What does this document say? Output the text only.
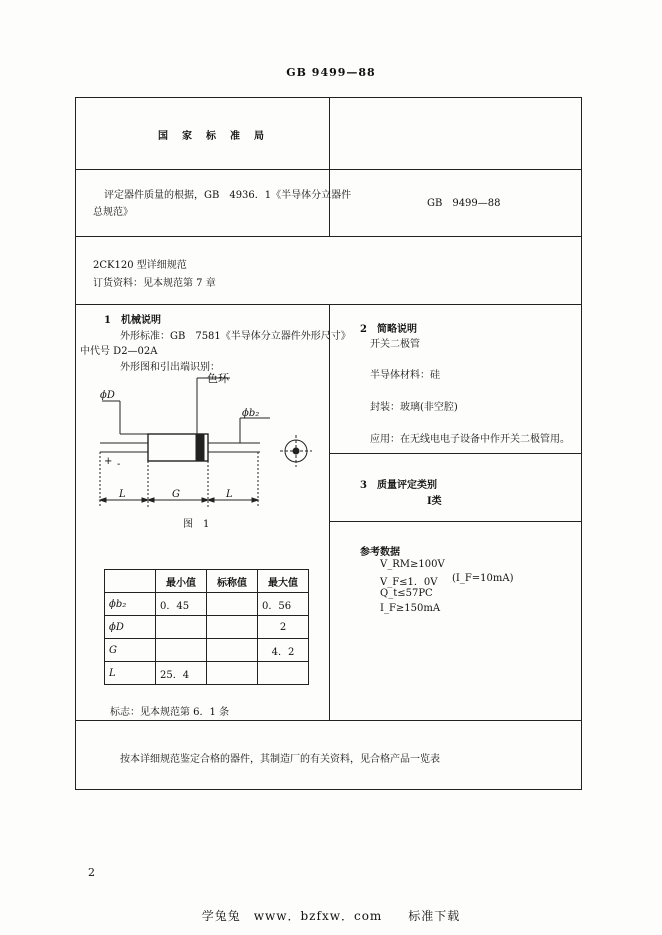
GB 9499—88
国　家　标　准　局
评定器件质量的根据，GB　4936．1《半导体分立器件
总规范》
GB　9499—88
2CK120 型详细规范
订货资料：见本规范第 7 章
1　机械说明
外形标准：GB　7581《半导体分立器件外形尺寸》
中代号 D2—02A
外形图和引出端识别：
色环
ϕD
ϕb₂
+ -
L	G	L
图　1
	最小值	标称值	最大值
ϕb₂	0．45		0．56
ϕD			2
G			4．2
L	25．4		
标志：见本规范第 6．1 条
2　简略说明
开关二极管
半导体材料：硅
封装：玻璃(非空腔)
应用：在无线电电子设备中作开关二极管用。
3　质量评定类别
Ⅰ类
参考数据
V_RM≥100V
V_F≤1．0V (I_F=10mA)
Q_t≤57PC
I_F≥150mA
按本详细规范鉴定合格的器件，其制造厂的有关资料，见合格产品一览表
2
学兔兔　www．bzfxw．com　　标准下载
